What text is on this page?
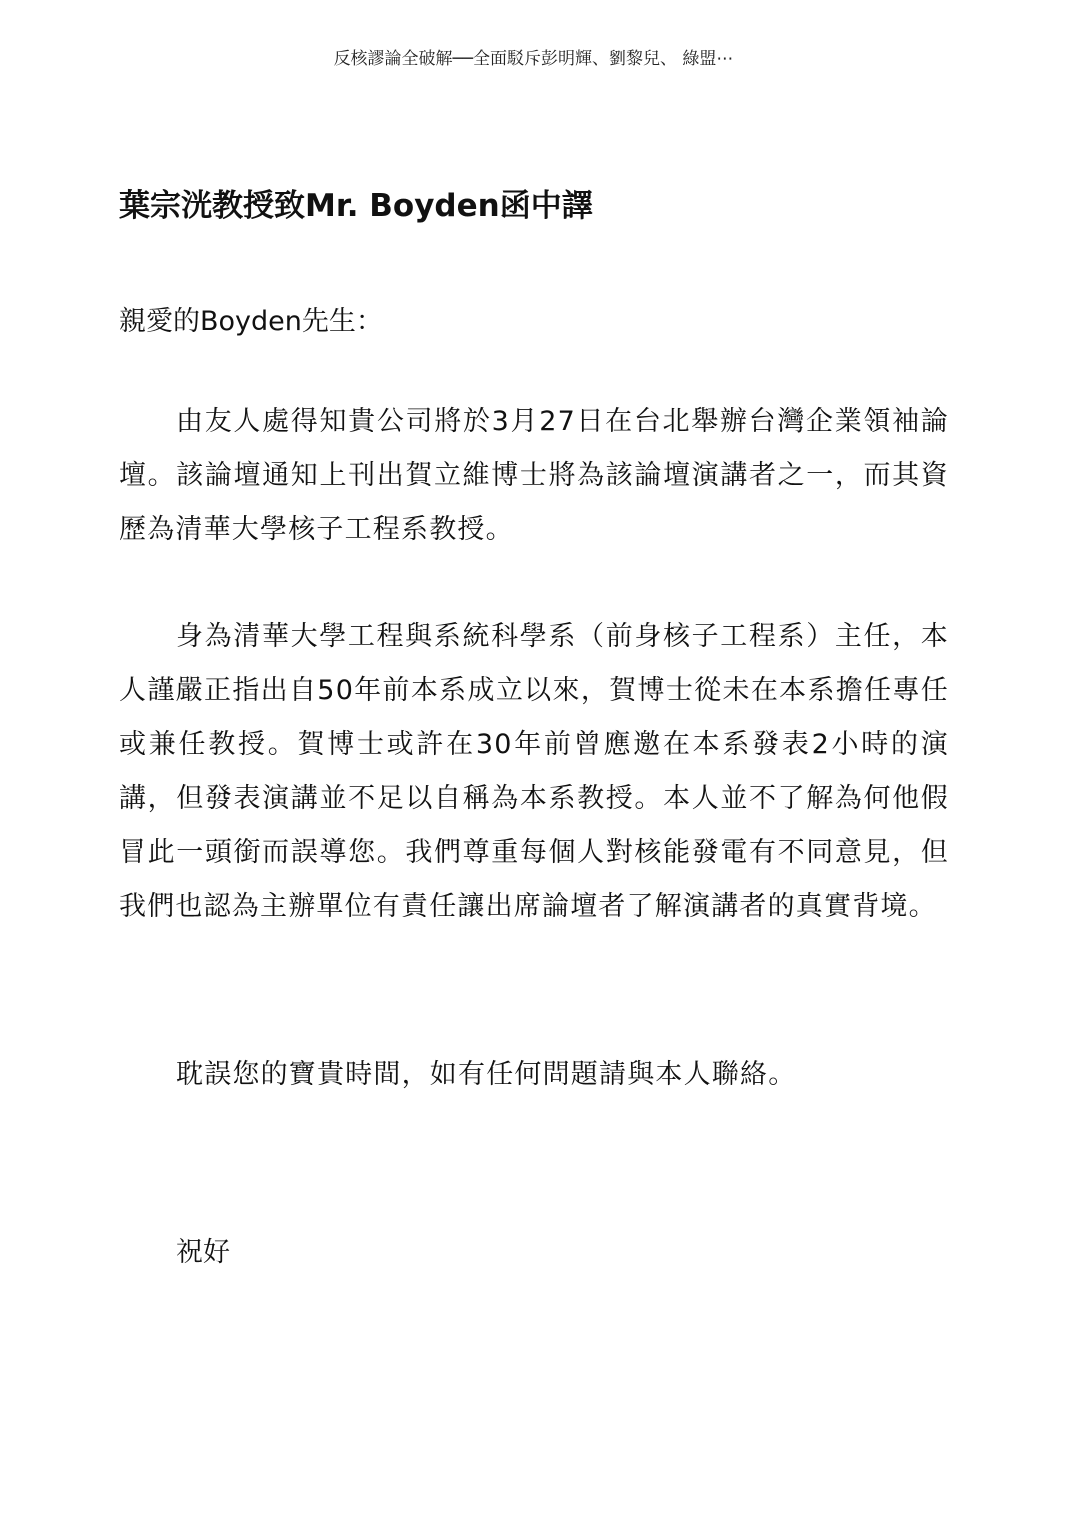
反核謬論全破解──全面駁斥彭明輝、劉黎兒、 綠盟⋯
葉宗洸教授致Mr. Boyden函中譯

親愛的Boyden先生：

由友人處得知貴公司將於3月27日在台北舉辦台灣企業領袖論壇。該論壇通知上刊出賀立維博士將為該論壇演講者之一，而其資歷為清華大學核子工程系教授。

身為清華大學工程與系統科學系（前身核子工程系）主任，本人謹嚴正指出自50年前本系成立以來，賀博士從未在本系擔任專任或兼任教授。賀博士或許在30年前曾應邀在本系發表2小時的演講，但發表演講並不足以自稱為本系教授。本人並不了解為何他假冒此一頭銜而誤導您。我們尊重每個人對核能發電有不同意見，但我們也認為主辦單位有責任讓出席論壇者了解演講者的真實背境。

耽誤您的寶貴時間，如有任何問題請與本人聯絡。

祝好
